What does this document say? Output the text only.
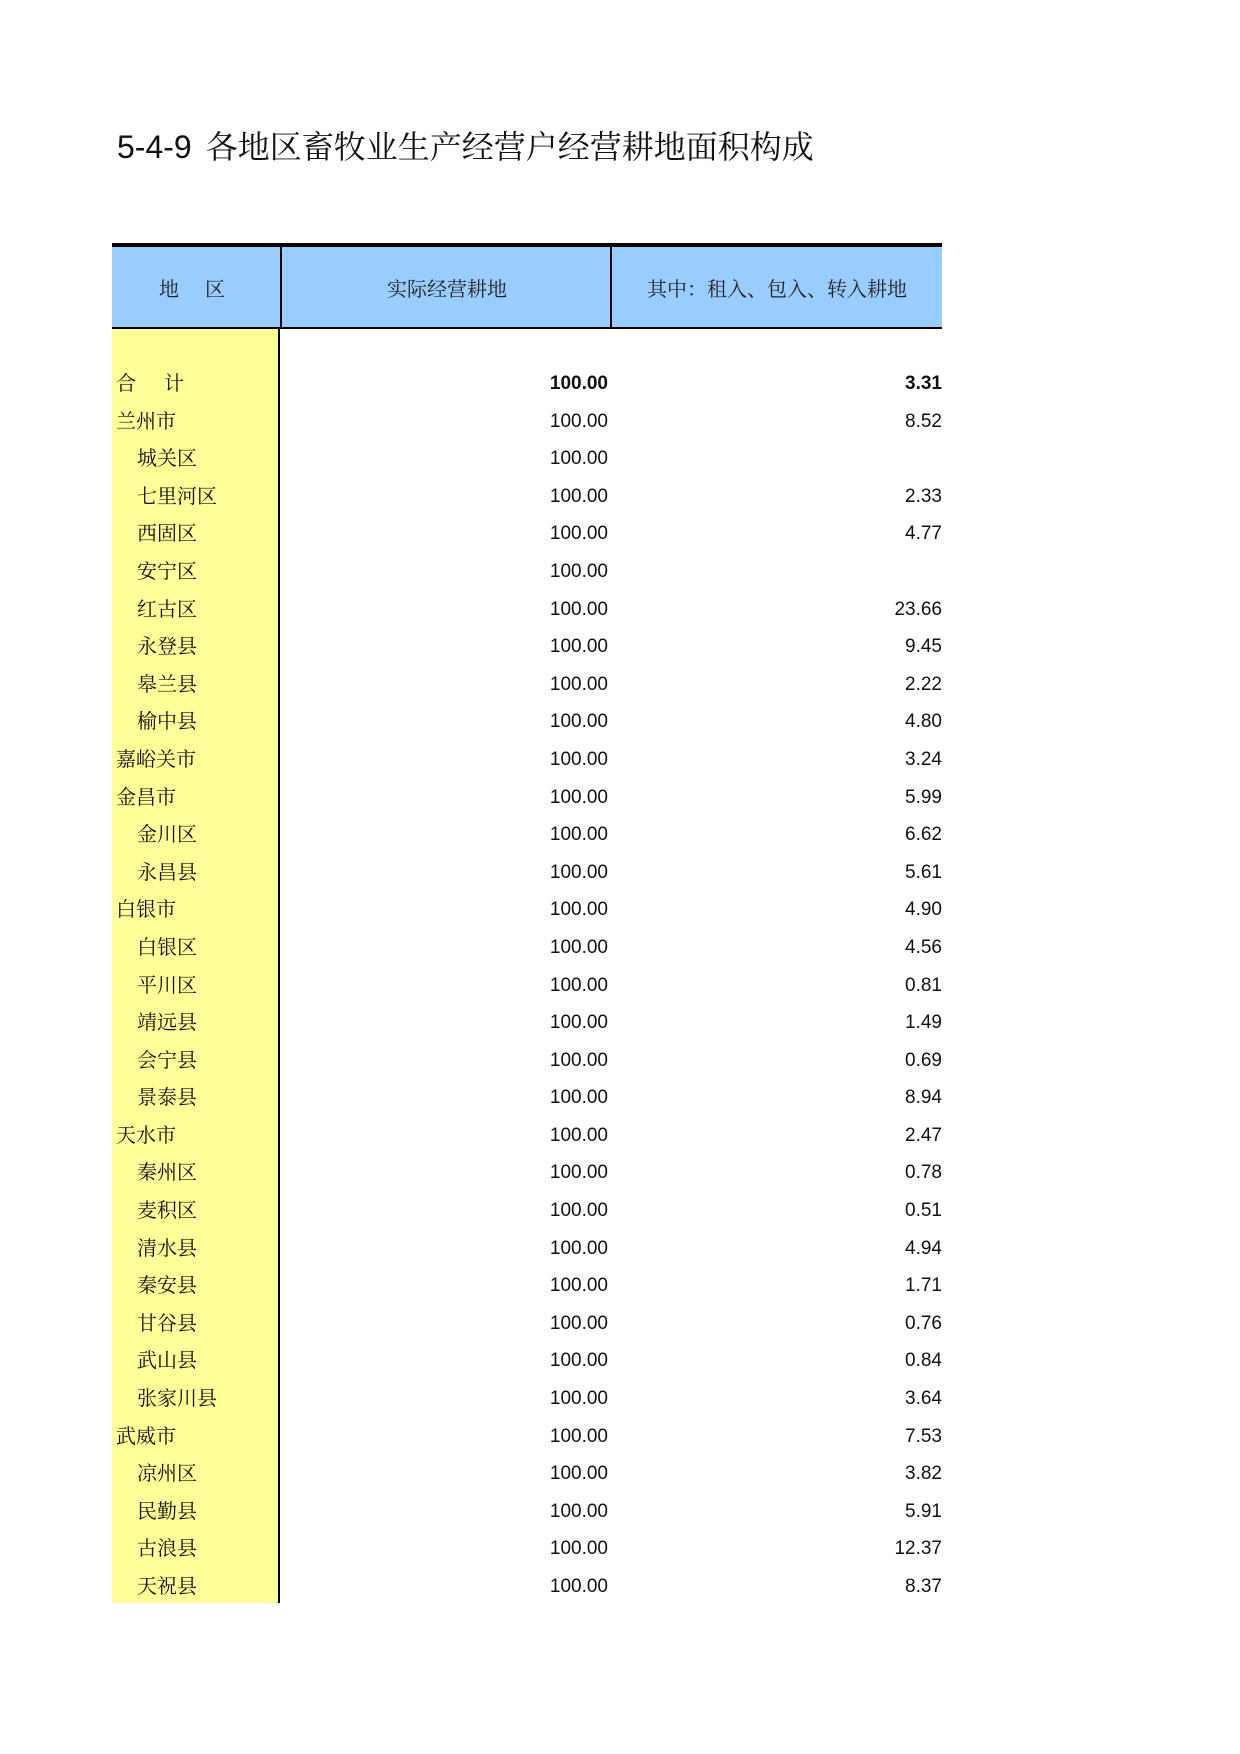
5-4-9 各地区畜牧业生产经营户经营耕地面积构成
地区	实际经营耕地	其中：租入、包入、转入耕地
合计	100.00	3.31
兰州市	100.00	8.52
城关区	100.00
七里河区	100.00	2.33
西固区	100.00	4.77
安宁区	100.00
红古区	100.00	23.66
永登县	100.00	9.45
皋兰县	100.00	2.22
榆中县	100.00	4.80
嘉峪关市	100.00	3.24
金昌市	100.00	5.99
金川区	100.00	6.62
永昌县	100.00	5.61
白银市	100.00	4.90
白银区	100.00	4.56
平川区	100.00	0.81
靖远县	100.00	1.49
会宁县	100.00	0.69
景泰县	100.00	8.94
天水市	100.00	2.47
秦州区	100.00	0.78
麦积区	100.00	0.51
清水县	100.00	4.94
秦安县	100.00	1.71
甘谷县	100.00	0.76
武山县	100.00	0.84
张家川县	100.00	3.64
武威市	100.00	7.53
凉州区	100.00	3.82
民勤县	100.00	5.91
古浪县	100.00	12.37
天祝县	100.00	8.37
